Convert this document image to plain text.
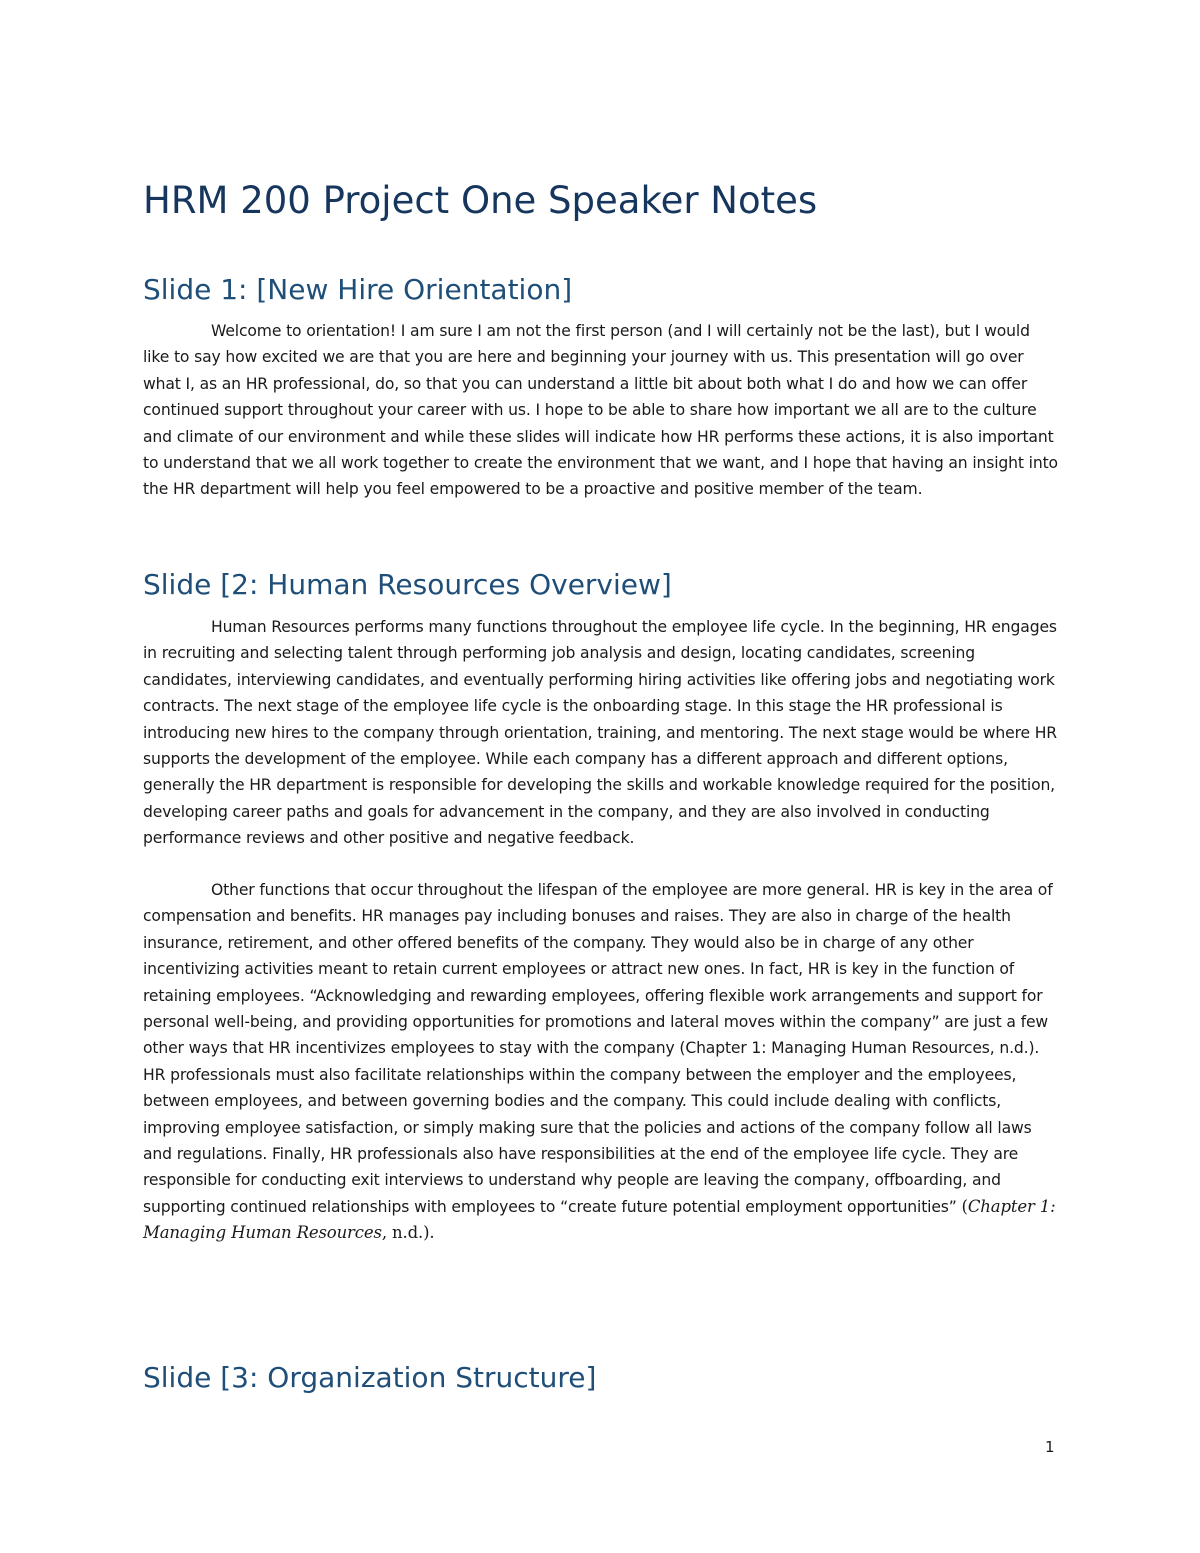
HRM 200 Project One Speaker Notes
Slide 1: [New Hire Orientation]

Welcome to orientation! I am sure I am not the first person (and I will certainly not be the last), but I would like to say how excited we are that you are here and beginning your journey with us. This presentation will go over what I, as an HR professional, do, so that you can understand a little bit about both what I do and how we can offer continued support throughout your career with us. I hope to be able to share how important we all are to the culture and climate of our environment and while these slides will indicate how HR performs these actions, it is also important to understand that we all work together to create the environment that we want, and I hope that having an insight into the HR department will help you feel empowered to be a proactive and positive member of the team.

Slide [2: Human Resources Overview]

Human Resources performs many functions throughout the employee life cycle. In the beginning, HR engages in recruiting and selecting talent through performing job analysis and design, locating candidates, screening candidates, interviewing candidates, and eventually performing hiring activities like offering jobs and negotiating work contracts. The next stage of the employee life cycle is the onboarding stage. In this stage the HR professional is introducing new hires to the company through orientation, training, and mentoring. The next stage would be where HR supports the development of the employee. While each company has a different approach and different options, generally the HR department is responsible for developing the skills and workable knowledge required for the position, developing career paths and goals for advancement in the company, and they are also involved in conducting performance reviews and other positive and negative feedback.

Other functions that occur throughout the lifespan of the employee are more general. HR is key in the area of compensation and benefits. HR manages pay including bonuses and raises. They are also in charge of the health insurance, retirement, and other offered benefits of the company. They would also be in charge of any other incentivizing activities meant to retain current employees or attract new ones. In fact, HR is key in the function of retaining employees. “Acknowledging and rewarding employees, offering flexible work arrangements and support for personal well-being, and providing opportunities for promotions and lateral moves within the company” are just a few other ways that HR incentivizes employees to stay with the company (Chapter 1: Managing Human Resources, n.d.). HR professionals must also facilitate relationships within the company between the employer and the employees, between employees, and between governing bodies and the company. This could include dealing with conflicts, improving employee satisfaction, or simply making sure that the policies and actions of the company follow all laws and regulations. Finally, HR professionals also have responsibilities at the end of the employee life cycle. They are responsible for conducting exit interviews to understand why people are leaving the company, offboarding, and supporting continued relationships with employees to “create future potential employment opportunities” (Chapter 1: Managing Human Resources, n.d.).

Slide [3: Organization Structure]
1
